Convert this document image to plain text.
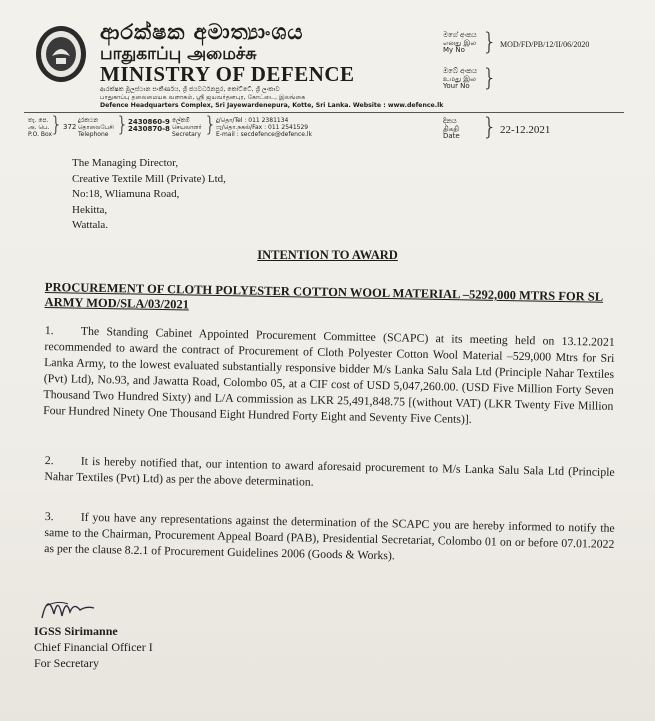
ආරක්ෂක අමාත්‍යාංශය
பாதுகாப்பு அமைச்சு
MINISTRY OF DEFENCE
ආරක්ෂක මූලස්ථාන සංකීර්ණය, ශ්‍රී ජයවර්ධනපුර, කෝට්ටේ, ශ්‍රී ලංකාව
பாதுகாப்பு தலைமையக வளாகம், ஸ்ரீ ஜயவர்தனபுர, கோட்டை, இலங்கை
Defence Headquarters Complex, Sri Jayewardenepura, Kotte, Sri Lanka. Website : www.defence.lk
මගේ අංකය
எனது இல
My No } MOD/FD/PB/12/II/06/2020
ඔබේ අංකය
உமது இல
Your No }
තැ. පෙ.
அ. பெ.
P.O. Box
} 372
දුරකථන
தொலைபேசி
Telephone } 2430860-9
2430870-8
ලේකම්
செயலாளர்
Secretary } දු/தொ/Tel : 011 2381134
ෆැ/தொ.நகல்/Fax : 011 2541529
E-mail : secdefence@defence.lk
දිනය
திகதி
Date } 22-12.2021
The Managing Director,
Creative Textile Mill (Private) Ltd,
No:18, Wliamuna Road,
Hekitta,
Wattala.
INTENTION TO AWARD
PROCUREMENT OF CLOTH POLYESTER COTTON WOOL MATERIAL –5292,000 MTRS FOR SL ARMY MOD/SLA/03/2021
1. The Standing Cabinet Appointed Procurement Committee (SCAPC) at its meeting held on 13.12.2021 recommended to award the contract of Procurement of Cloth Polyester Cotton Wool Material –529,000 Mtrs for Sri Lanka Army, to the lowest evaluated substantially responsive bidder M/s Lanka Salu Sala Ltd (Principle Nahar Textiles (Pvt) Ltd), No.93, and Jawatta Road, Colombo 05, at a CIF cost of USD 5,047,260.00. (USD Five Million Forty Seven Thousand Two Hundred Sixty) and L/A commission as LKR 25,491,848.75 [(without VAT) (LKR Twenty Five Million Four Hundred Ninety One Thousand Eight Hundred Forty Eight and Seventy Five Cents)].
2. It is hereby notified that, our intention to award aforesaid procurement to M/s Lanka Salu Sala Ltd (Principle Nahar Textiles (Pvt) Ltd) as per the above determination.
3. If you have any representations against the determination of the SCAPC you are hereby informed to notify the same to the Chairman, Procurement Appeal Board (PAB), Presidential Secretariat, Colombo 01 on or before 07.01.2022 as per the clause 8.2.1 of Procurement Guidelines 2006 (Goods & Works).
IGSS Sirimanne
Chief Financial Officer I
For Secretary
